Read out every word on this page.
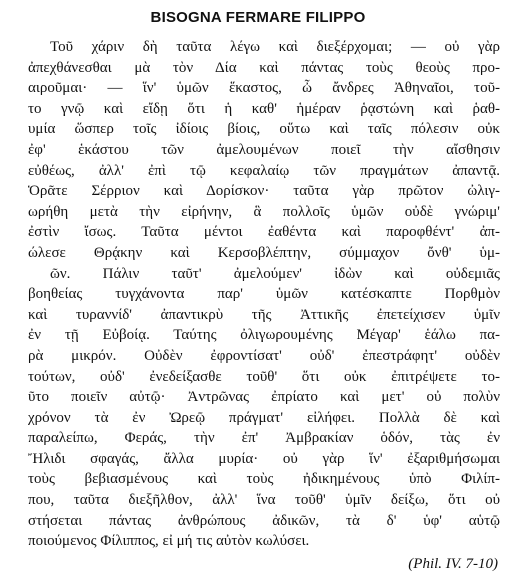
BISOGNA FERMARE FILIPPO
Τοῦ χάριν δὴ ταῦτα λέγω καὶ διεξέρχομαι; — οὐ γὰρ
ἀπεχθάνεσθαι μὰ τὸν Δία καὶ πάντας τοὺς θεοὺς προ-
αιροῦμαι· — ἵν' ὑμῶν ἕκαστος, ὦ ἄνδρες Ἀθηναῖοι, τοῦ-
το γνῷ καὶ εἴδῃ ὅτι ἡ καθ' ἡμέραν ῥᾳστώνη καὶ ῥαθ-
υμία ὥσπερ τοῖς ἰδίοις βίοις, οὕτω καὶ ταῖς πόλεσιν οὐκ
ἐφ' ἑκάστου τῶν ἀμελουμένων ποιεῖ τὴν αἴσθησιν
εὐθέως, ἀλλ' ἐπὶ τῷ κεφαλαίῳ τῶν πραγμάτων ἀπαντᾷ.
Ὁρᾶτε Σέρριον καὶ Δορίσκον· ταῦτα γὰρ πρῶτον ὠλιγ-
ωρήθη μετὰ τὴν εἰρήνην, ἃ πολλοῖς ὑμῶν οὐδὲ γνώριμ'
ἐστὶν ἴσως. Ταῦτα μέντοι ἐαθέντα καὶ παροφθέντ' ἀπ-
ώλεσε Θρᾴκην καὶ Κερσοβλέπτην, σύμμαχον ὄνθ' ὑμ-
ῶν. Πάλιν ταῦτ' ἀμελούμεν' ἰδὼν καὶ οὐδεμιᾶς
βοηθείας τυγχάνοντα παρ' ὑμῶν κατέσκαπτε Πορθμὸν
καὶ τυραννίδ' ἀπαντικρὺ τῆς Ἀττικῆς ἐπετείχισεν ὑμῖν
ἐν τῇ Εὐβοίᾳ. Ταύτης ὀλιγωρουμένης Μέγαρ' ἑάλω πα-
ρὰ μικρόν. Οὐδὲν ἐφροντίσατ' οὐδ' ἐπεστράφητ' οὐδὲν
τούτων, οὐδ' ἐνεδείξασθε τοῦθ' ὅτι οὐκ ἐπιτρέψετε το-
ῦτο ποιεῖν αὐτῷ· Ἀντρῶνας ἐπρίατο καὶ μετ' οὐ πολὺν
χρόνον τὰ ἐν Ὠρεῷ πράγματ' εἰλήφει. Πολλὰ δὲ καὶ
παραλείπω, Φεράς, τὴν ἐπ' Ἀμβρακίαν ὁδόν, τὰς ἐν
Ἤλιδι σφαγάς, ἄλλα μυρία· οὐ γὰρ ἵν' ἐξαριθμήσωμαι
τοὺς βεβιασμένους καὶ τοὺς ἠδικημένους ὑπὸ Φιλίπ-
που, ταῦτα διεξῆλθον, ἀλλ' ἵνα τοῦθ' ὑμῖν δείξω, ὅτι οὐ
στήσεται πάντας ἀνθρώπους ἀδικῶν, τὰ δ' ὑφ' αὑτῷ
ποιούμενος Φίλιππος, εἰ μή τις αὐτὸν κωλύσει.

(Phil. IV. 7-10)
